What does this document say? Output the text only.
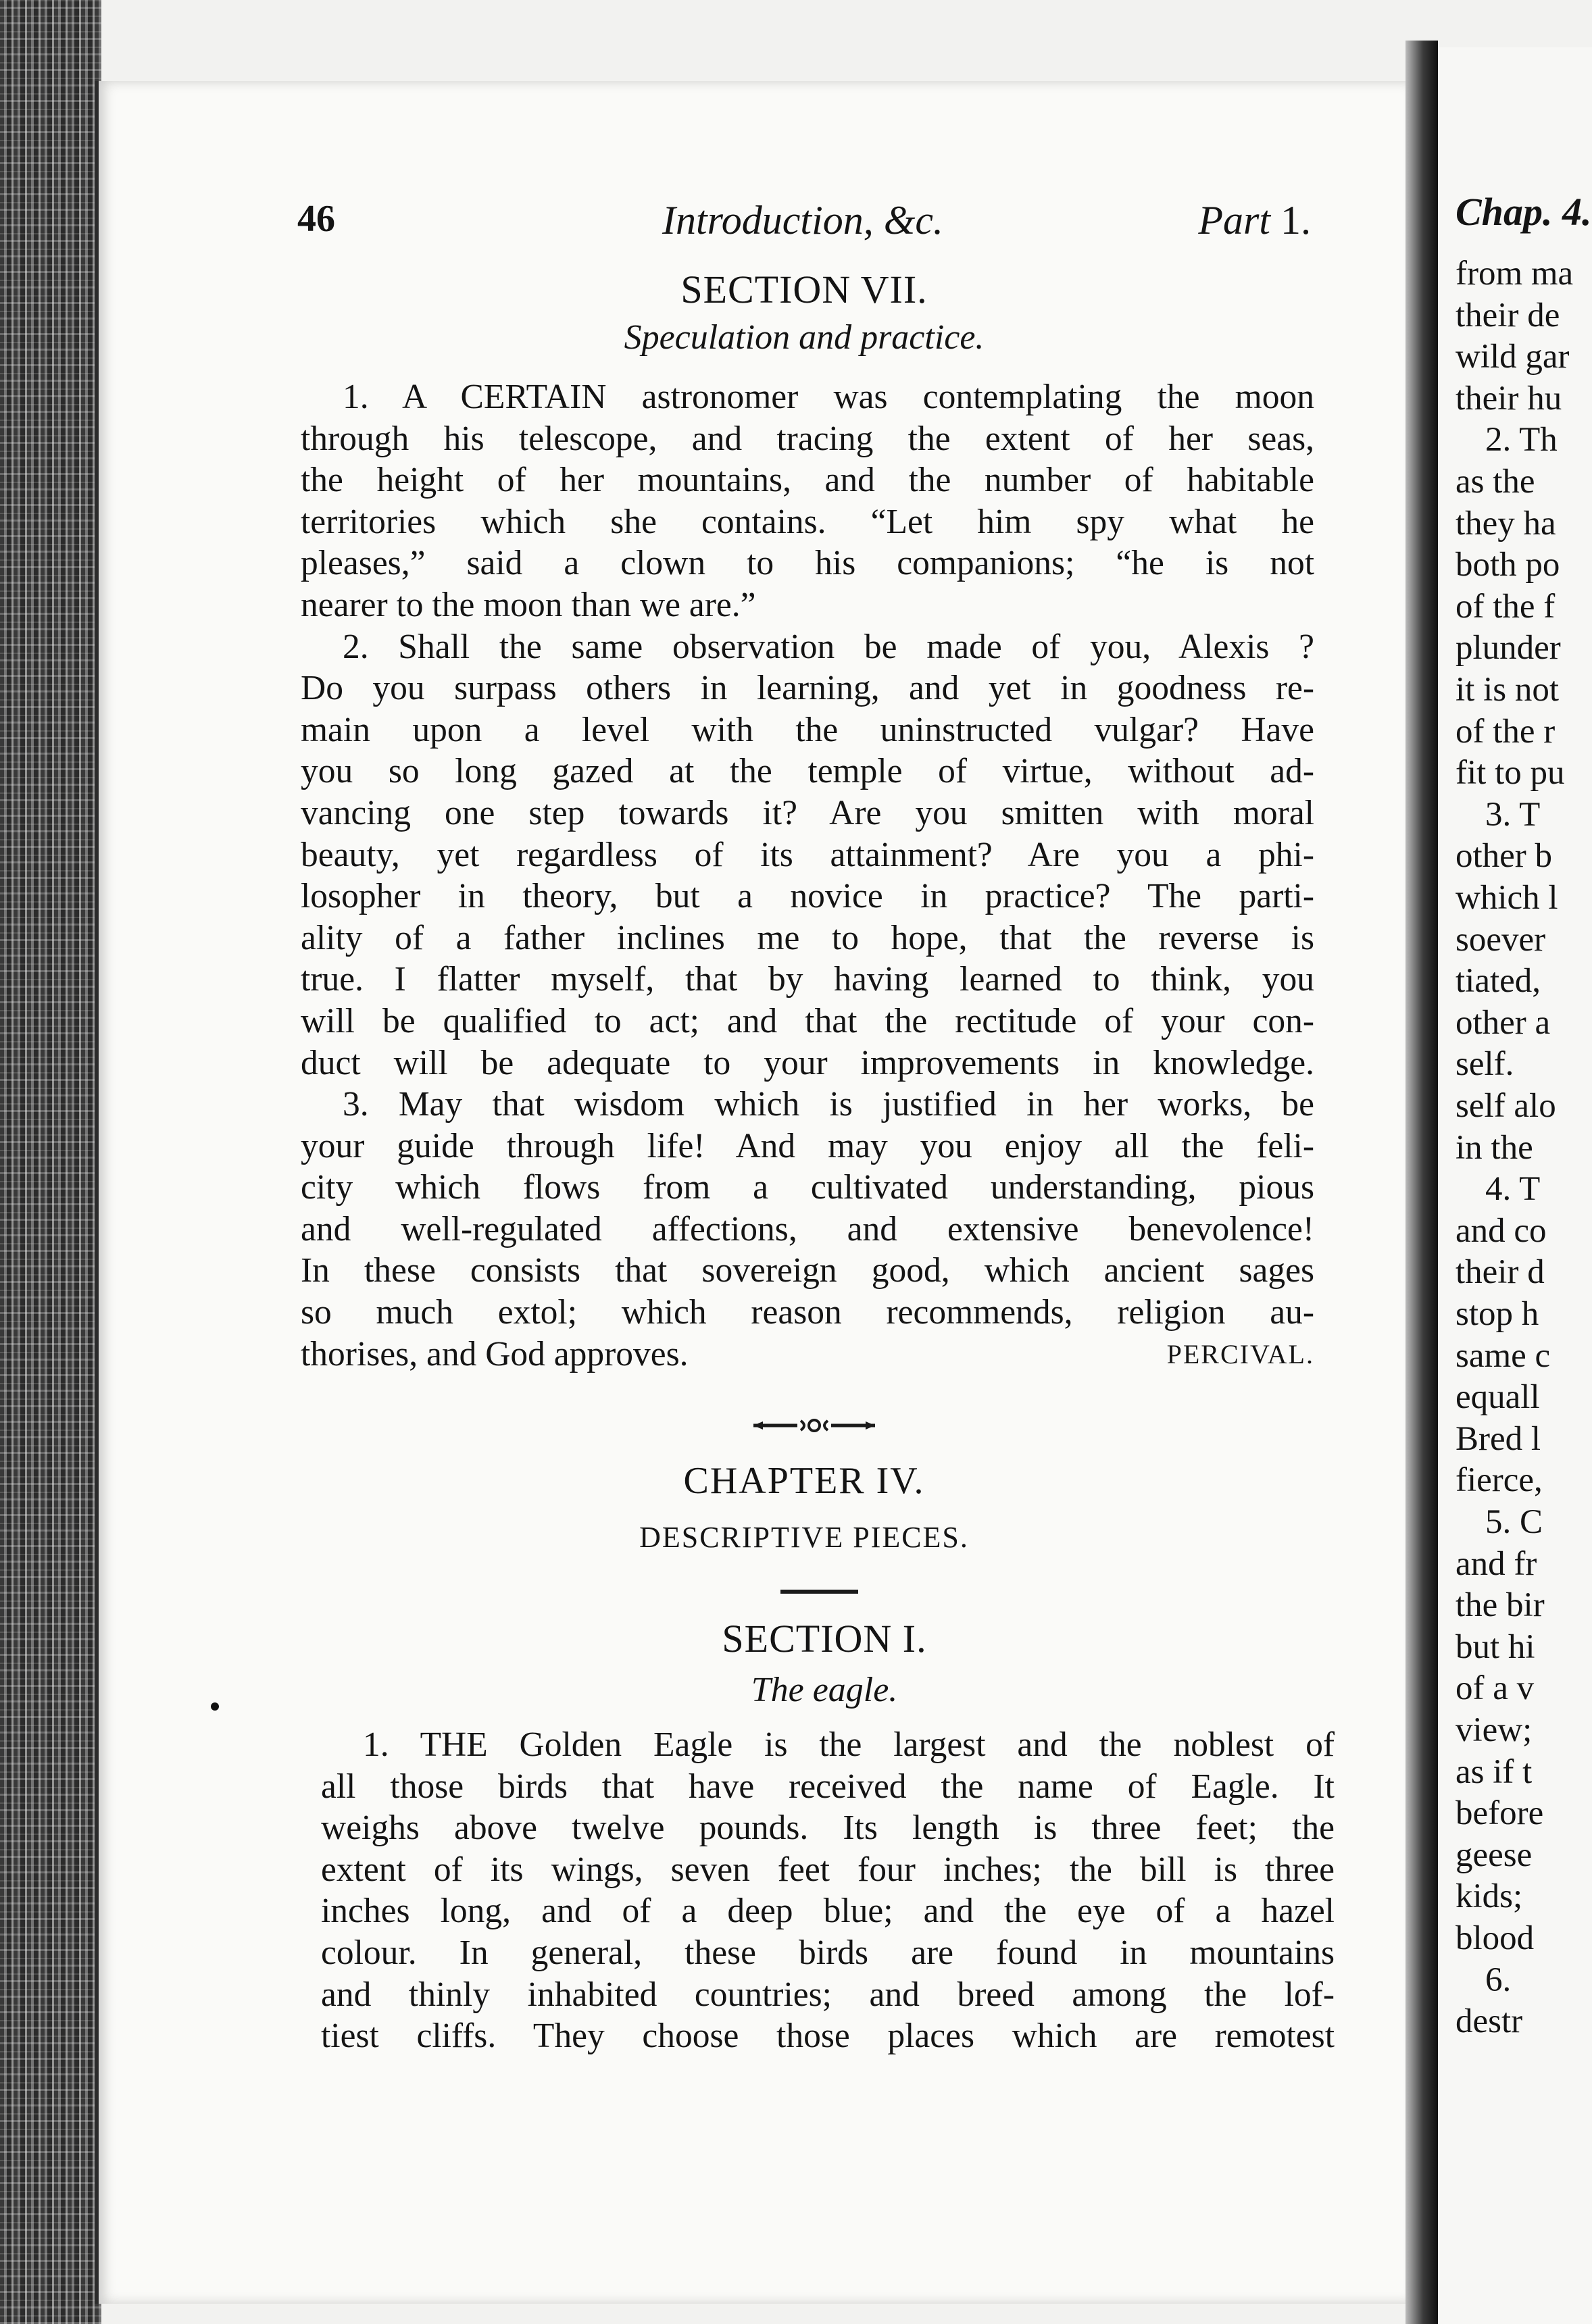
46	Introduction, &c.	Part 1.
SECTION VII.
Speculation and practice.
1. A CERTAIN astronomer was contemplating the moon
through his telescope, and tracing the extent of her seas,
the height of her mountains, and the number of habitable
territories which she contains. “Let him spy what he
pleases,” said a clown to his companions; “he is not
nearer to the moon than we are.”
2. Shall the same observation be made of you, Alexis ?
Do you surpass others in learning, and yet in goodness re-
main upon a level with the uninstructed vulgar? Have
you so long gazed at the temple of virtue, without ad-
vancing one step towards it? Are you smitten with moral
beauty, yet regardless of its attainment? Are you a phi-
losopher in theory, but a novice in practice? The parti-
ality of a father inclines me to hope, that the reverse is
true. I flatter myself, that by having learned to think, you
will be qualified to act; and that the rectitude of your con-
duct will be adequate to your improvements in knowledge.
3. May that wisdom which is justified in her works, be
your guide through life! And may you enjoy all the feli-
city which flows from a cultivated understanding, pious
and well-regulated affections, and extensive benevolence!
In these consists that sovereign good, which ancient sages
so much extol; which reason recommends, religion au-
thorises, and God approves.	PERCIVAL.
CHAPTER IV.
DESCRIPTIVE PIECES.
SECTION I.
The eagle.
1. THE Golden Eagle is the largest and the noblest of
all those birds that have received the name of Eagle. It
weighs above twelve pounds. Its length is three feet; the
extent of its wings, seven feet four inches; the bill is three
inches long, and of a deep blue; and the eye of a hazel
colour. In general, these birds are found in mountains
and thinly inhabited countries; and breed among the lof-
tiest cliffs. They choose those places which are remotest
Chap. 4.
from ma
their de
wild gar
their hu
2. Th
as the
they ha
both po
of the f
plunder
it is not
of the r
fit to pu
3. T
other b
which l
soever
tiated,
other a
self.
self alo
in the
4. T
and co
their d
stop h
same c
equall
Bred l
fierce,
5. C
and fr
the bir
but hi
of a v
view;
as if t
before
geese
kids;
blood
6.
destr
